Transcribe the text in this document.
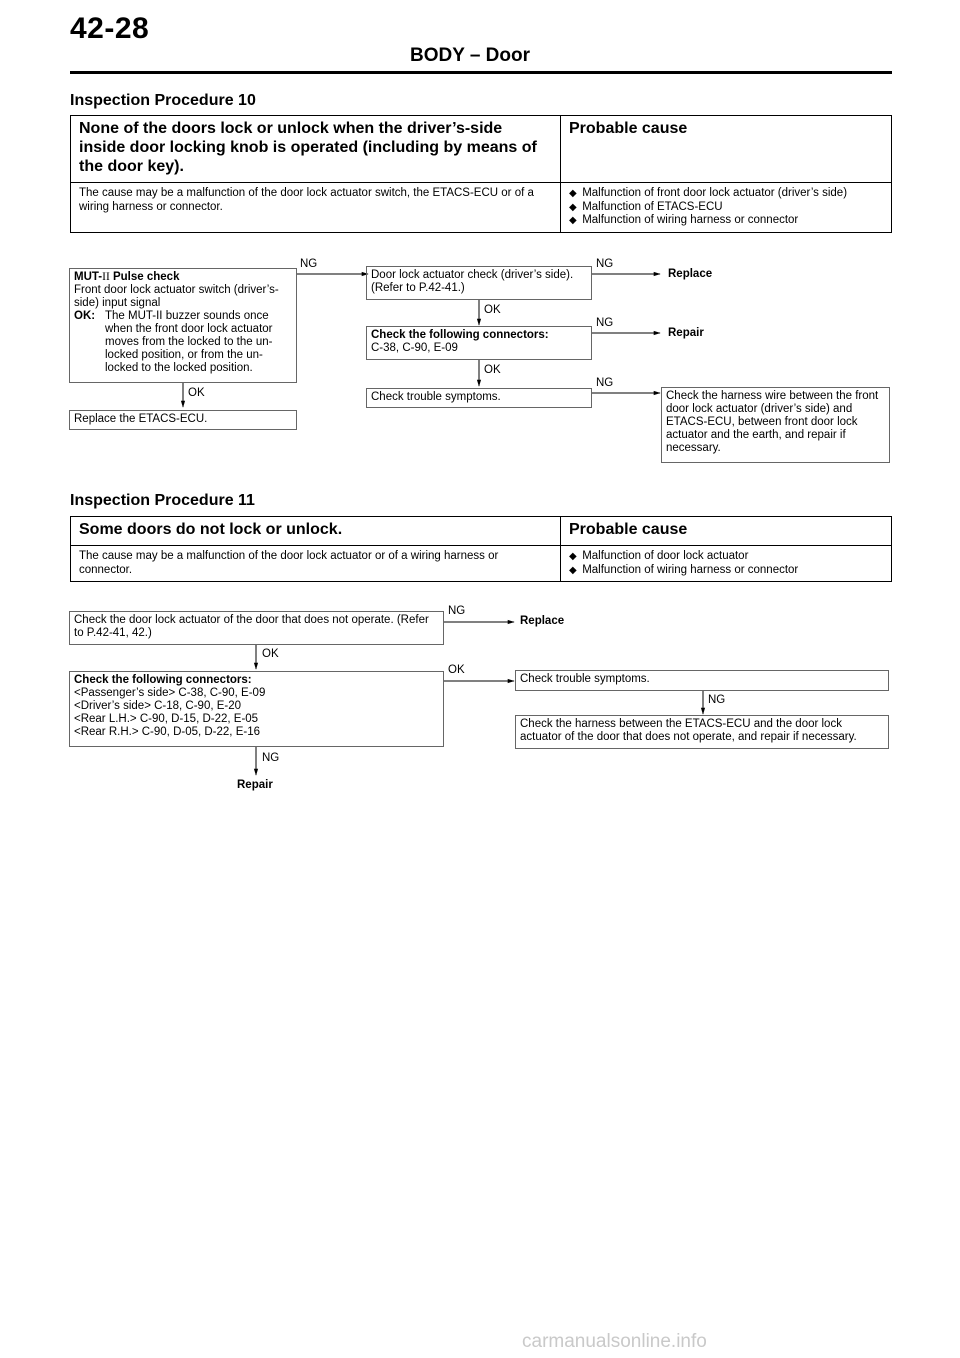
42-28
BODY – Door
Inspection Procedure 10
None of the doors lock or unlock when the driver’s-side inside door locking knob is operated (including by means of the door key).	Probable cause
The cause may be a malfunction of the door lock actuator switch, the ETACS-ECU or of a wiring harness or connector.	◆ Malfunction of front door lock actuator (driver’s side)
◆ Malfunction of ETACS-ECU
◆ Malfunction of wiring harness or connector
MUT-II Pulse check
Front door lock actuator switch (driver’s-side) input signal
OK: The MUT-II buzzer sounds once when the front door lock actuator moves from the locked to the un-locked position, or from the un-locked to the locked position.
Replace the ETACS-ECU.
Door lock actuator check (driver’s side). (Refer to P.42-41.)
Check the following connectors:
C-38, C-90, E-09
Check trouble symptoms.	Check the harness wire between the front door lock actuator (driver’s side) and ETACS-ECU, between front door lock actuator and the earth, and repair if necessary.
NG	NG
NG
NG
OK
OK
OK
Replace
Repair
Inspection Procedure 11
Some doors do not lock or unlock.	Probable cause
The cause may be a malfunction of the door lock actuator or of a wiring harness or connector.	◆ Malfunction of door lock actuator
◆ Malfunction of wiring harness or connector
Check the door lock actuator of the door that does not operate. (Refer to P.42-41, 42.)
Check the following connectors:
<Passenger’s side> C-38, C-90, E-09
<Driver’s side> C-18, C-90, E-20
<Rear L.H.> C-90, D-15, D-22, E-05
<Rear R.H.> C-90, D-05, D-22, E-16
Check trouble symptoms.
Check the harness between the ETACS-ECU and the door lock actuator of the door that does not operate, and repair if necessary.
NG
OK
OK
NG
NG
Replace
Repair
carmanualsonline.info
